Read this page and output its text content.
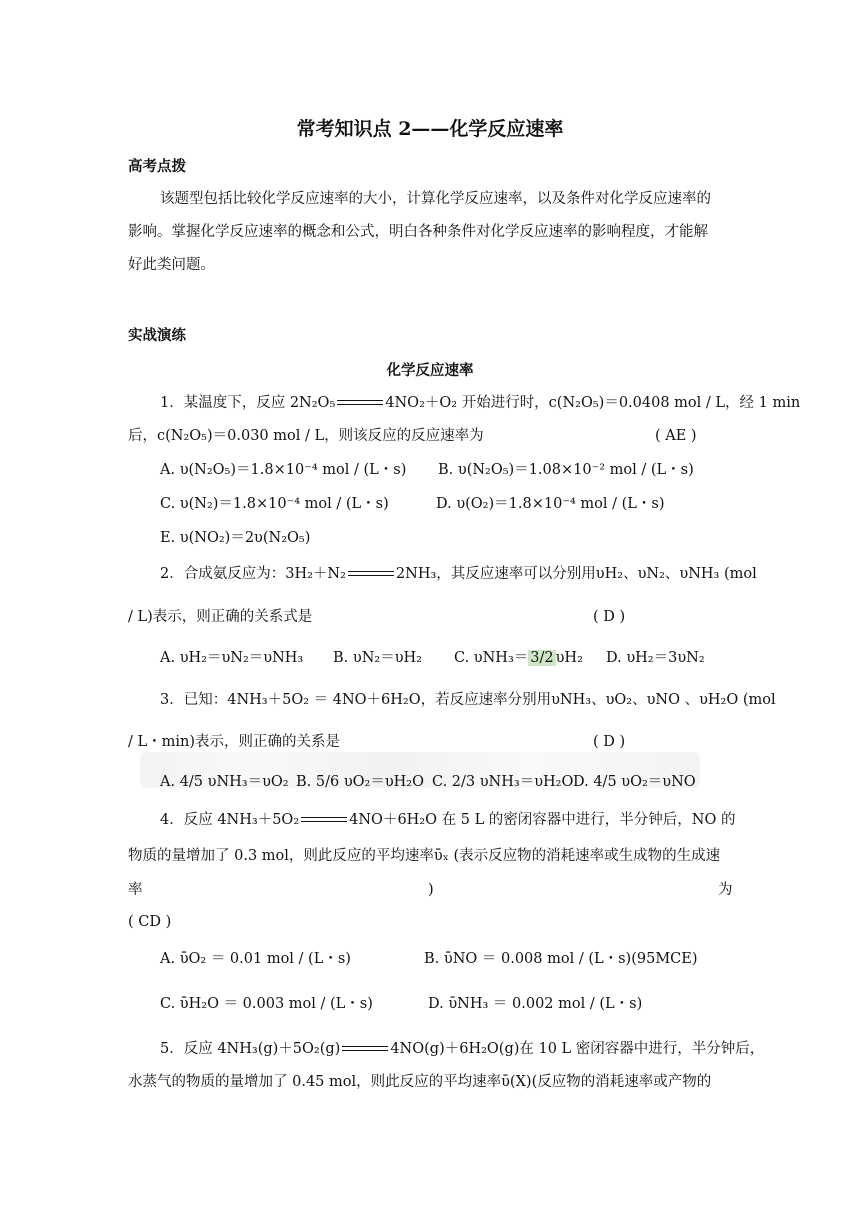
常考知识点 2——化学反应速率
高考点拨
该题型包括比较化学反应速率的大小，计算化学反应速率，以及条件对化学反应速率的
影响。掌握化学反应速率的概念和公式，明白各种条件对化学反应速率的影响程度，才能解
好此类问题。
实战演练
化学反应速率
1．某温度下，反应 2N₂O₅	4NO₂＋O₂ 开始进行时，c(N₂O₅)＝0.0408 mol / L，经 1 min
后，c(N₂O₅)＝0.030 mol / L，则该反应的反应速率为	( AE )
A. υ(N₂O₅)＝1.8×10⁻⁴ mol / (L・s) B. υ(N₂O₅)＝1.08×10⁻² mol / (L・s)
C. υ(N₂)＝1.8×10⁻⁴ mol / (L・s)	D. υ(O₂)＝1.8×10⁻⁴ mol / (L・s)
E. υ(NO₂)＝2υ(N₂O₅)
2．合成氨反应为：3H₂＋N₂	2NH₃，其反应速率可以分别用υH₂、υN₂、υNH₃ (mol
/ L)表示，则正确的关系式是	( D )
A. υH₂＝υN₂＝υNH₃ B. υN₂＝υH₂ C. υNH₃＝ 3/2 υH₂ D. υH₂＝3υN₂
3．已知：4NH₃＋5O₂ ＝ 4NO＋6H₂O，若反应速率分别用υNH₃、υO₂、υNO 、υH₂O (mol
/ L・min)表示，则正确的关系是	( D )
A. 4/5 υNH₃＝υO₂ B. 5/6 υO₂＝υH₂O C. 2/3 υNH₃＝υH₂O D. 4/5 υO₂＝υNO
4．反应 4NH₃＋5O₂	4NO＋6H₂O 在 5 L 的密闭容器中进行，半分钟后，NO 的
物质的量增加了 0.3 mol，则此反应的平均速率ῡₓ (表示反应物的消耗速率或生成物的生成速
率	)	为
( CD )
A. ῡO₂ ＝ 0.01 mol / (L・s)	B. ῡNO ＝ 0.008 mol / (L・s)(95MCE)
C. ῡH₂O ＝ 0.003 mol / (L・s)	D. ῡNH₃ ＝ 0.002 mol / (L・s)
5．反应 4NH₃(g)＋5O₂(g)	4NO(g)＋6H₂O(g)在 10 L 密闭容器中进行，半分钟后，
水蒸气的物质的量增加了 0.45 mol，则此反应的平均速率ῡ(X)(反应物的消耗速率或产物的
